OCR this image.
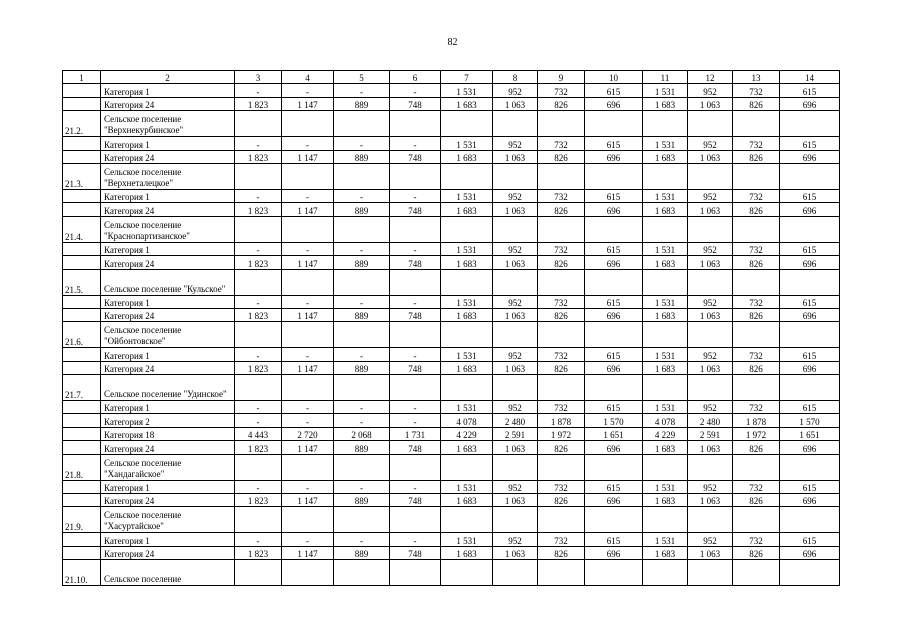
82
1	2	3	4	5	6	7	8	9	10	11	12	13	14
	Категория 1	-	-	-	-	1 531	952	732	615	1 531	952	732	615
	Категория 24	1 823	1 147	889	748	1 683	1 063	826	696	1 683	1 063	826	696
21.2.	Сельское поселение "Верхнекурбинское"												
	Категория 1	-	-	-	-	1 531	952	732	615	1 531	952	732	615
	Категория 24	1 823	1 147	889	748	1 683	1 063	826	696	1 683	1 063	826	696
21.3.	Сельское поселение "Верхнеталецкое"												
	Категория 1	-	-	-	-	1 531	952	732	615	1 531	952	732	615
	Категория 24	1 823	1 147	889	748	1 683	1 063	826	696	1 683	1 063	826	696
21.4.	Сельское поселение "Краснопартизанское"												
	Категория 1	-	-	-	-	1 531	952	732	615	1 531	952	732	615
	Категория 24	1 823	1 147	889	748	1 683	1 063	826	696	1 683	1 063	826	696
21.5.	Сельское поселение "Кульское"												
	Категория 1	-	-	-	-	1 531	952	732	615	1 531	952	732	615
	Категория 24	1 823	1 147	889	748	1 683	1 063	826	696	1 683	1 063	826	696
21.6.	Сельское поселение "Ойбонтовское"												
	Категория 1	-	-	-	-	1 531	952	732	615	1 531	952	732	615
	Категория 24	1 823	1 147	889	748	1 683	1 063	826	696	1 683	1 063	826	696
21.7.	Сельское поселение "Удинское"												
	Категория 1	-	-	-	-	1 531	952	732	615	1 531	952	732	615
	Категория 2	-	-	-	-	4 078	2 480	1 878	1 570	4 078	2 480	1 878	1 570
	Категория 18	4 443	2 720	2 068	1 731	4 229	2 591	1 972	1 651	4 229	2 591	1 972	1 651
	Категория 24	1 823	1 147	889	748	1 683	1 063	826	696	1 683	1 063	826	696
21.8.	Сельское поселение "Хандагайское"												
	Категория 1	-	-	-	-	1 531	952	732	615	1 531	952	732	615
	Категория 24	1 823	1 147	889	748	1 683	1 063	826	696	1 683	1 063	826	696
21.9.	Сельское поселение "Хасуртайское"												
	Категория 1	-	-	-	-	1 531	952	732	615	1 531	952	732	615
	Категория 24	1 823	1 147	889	748	1 683	1 063	826	696	1 683	1 063	826	696
21.10.	Сельское поселение												
